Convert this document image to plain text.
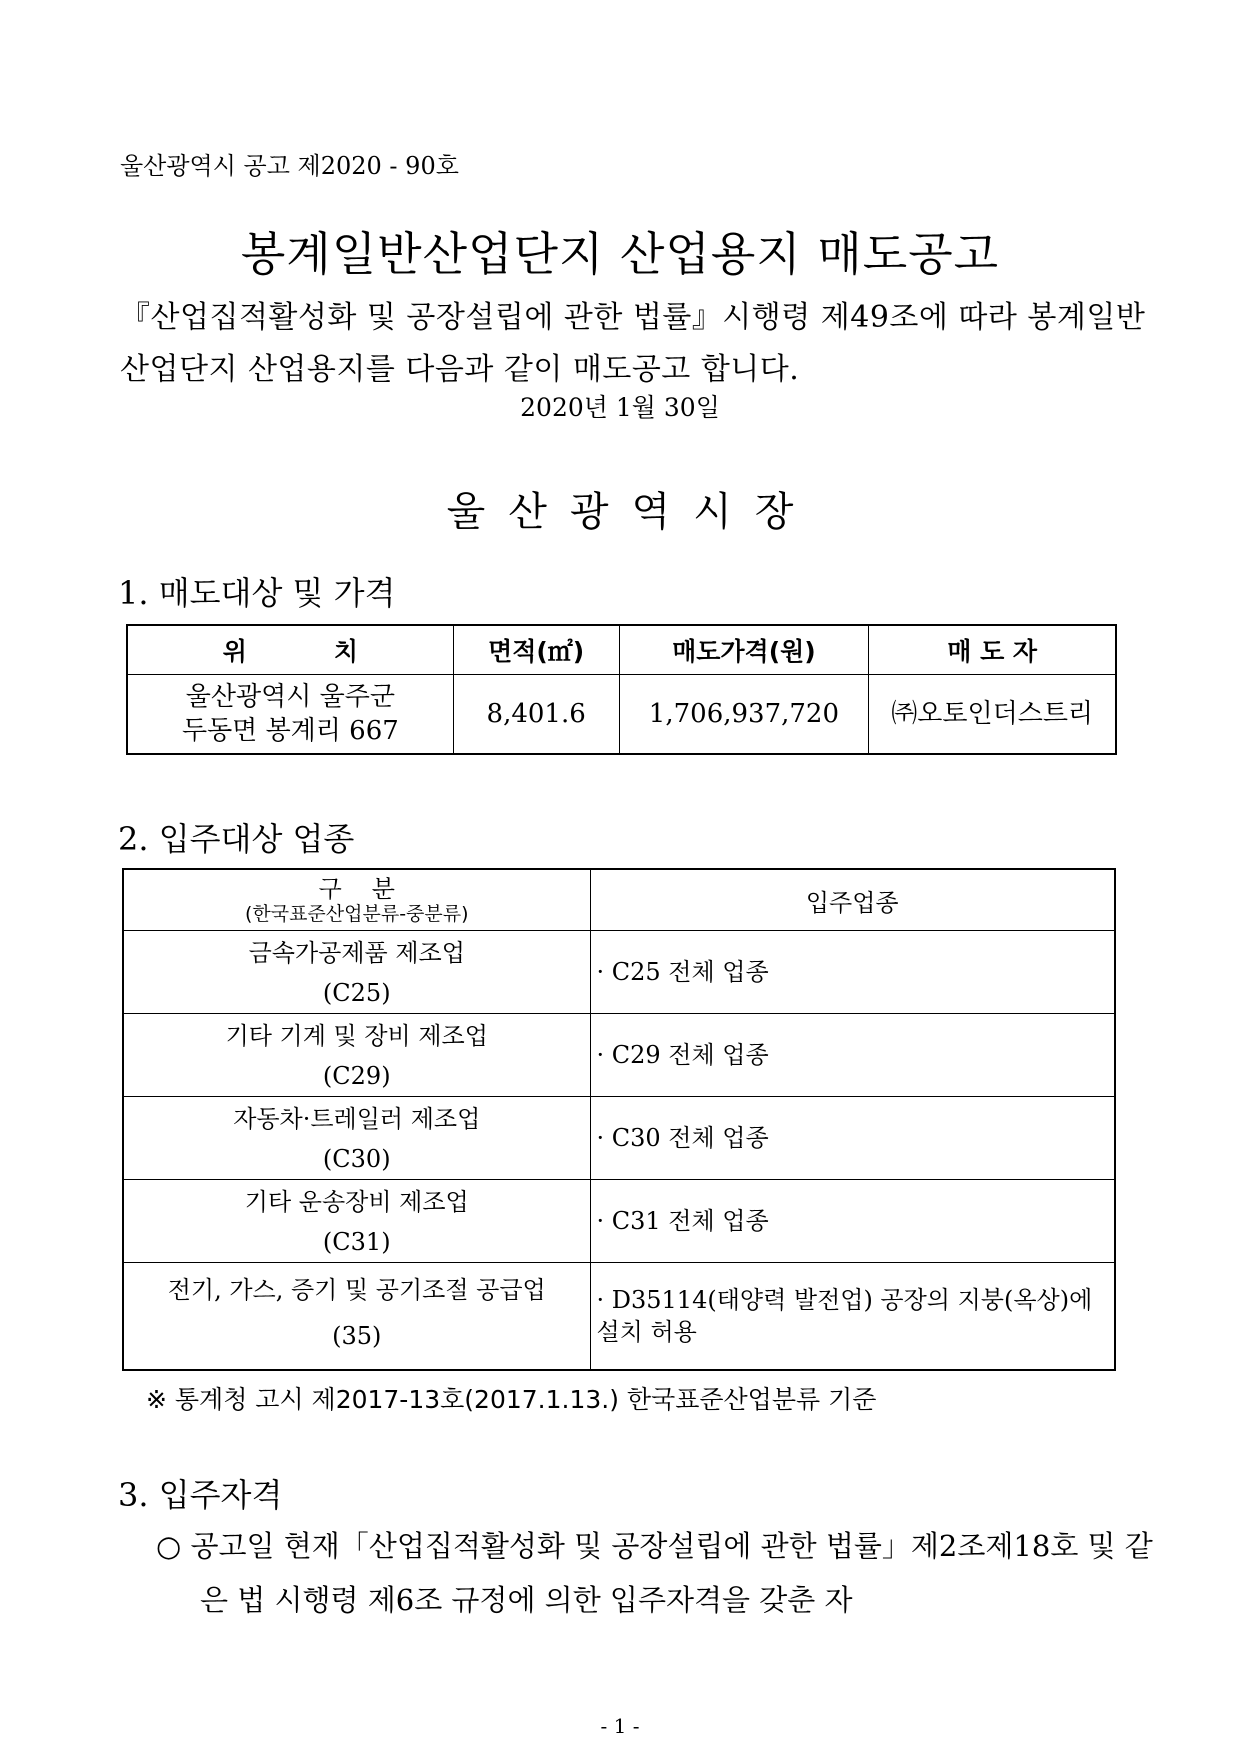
울산광역시 공고 제2020 - 90호
봉계일반산업단지 산업용지 매도공고
『산업집적활성화 및 공장설립에 관한 법률』시행령 제49조에 따라 봉계일반
산업단지 산업용지를 다음과 같이 매도공고 합니다.
2020년 1월 30일
울산광역시장
1. 매도대상 및 가격
위          치	면적(㎡)	매도가격(원)	매 도 자

울산광역시 울주군
두동면 봉계리 667	8,401.6	1,706,937,720	㈜오토인더스트리
2. 입주대상 업종
구분
(한국표준산업분류-중분류)	입주업종

금속가공제품 제조업
(C25)	· C25 전체 업종

기타 기계 및 장비 제조업
(C29)	· C29 전체 업종

자동차·트레일러 제조업
(C30)	· C30 전체 업종

기타 운송장비 제조업
(C31)	· C31 전체 업종

전기, 가스, 증기 및 공기조절 공급업
(35)	· D35114(태양력 발전업) 공장의 지붕(옥상)에 설치 허용
※ 통계청 고시 제2017-13호(2017.1.13.) 한국표준산업분류 기준
3. 입주자격
○ 공고일 현재「산업집적활성화 및 공장설립에 관한 법률」제2조제18호 및 같
은 법 시행령 제6조 규정에 의한 입주자격을 갖춘 자
- 1 -
